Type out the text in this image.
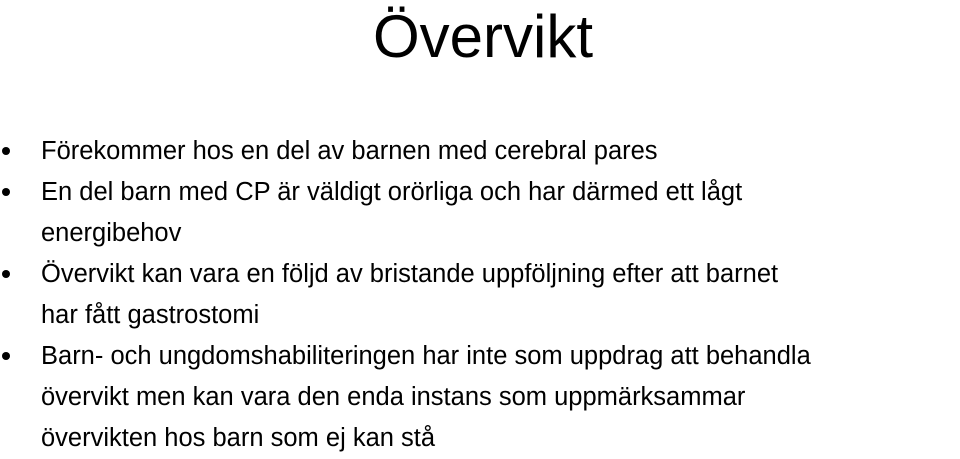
Övervikt
Förekommer hos en del av barnen med cerebral pares
En del barn med CP är väldigt orörliga och har därmed ett lågt
energibehov
Övervikt kan vara en följd av bristande uppföljning efter att barnet
har fått gastrostomi
Barn- och ungdomshabiliteringen har inte som uppdrag att behandla
övervikt men kan vara den enda instans som uppmärksammar
övervikten hos barn som ej kan stå
